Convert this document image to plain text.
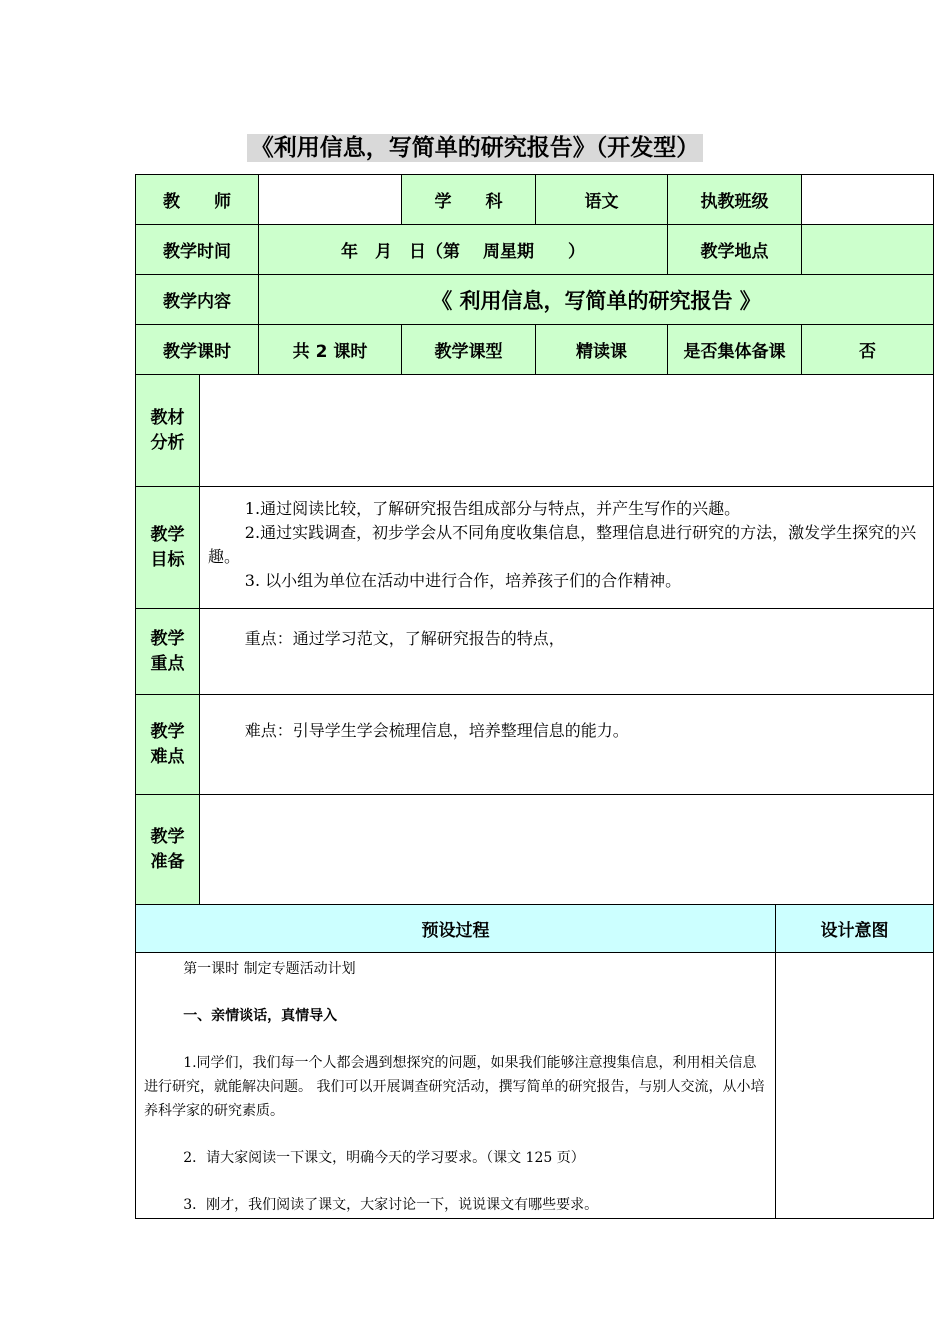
《利用信息，写简单的研究报告》（开发型）
教　　师		学　　科	语文	执教班级	
教学时间	年　月　日（第　 周星期　　）			教学地点	
教学内容	《 利用信息，写简单的研究报告 》				
教学课时	共 2 课时	教学课型	精读课	是否集体备课	否
教材分析	
教学目标	1.通过阅读比较，了解研究报告组成部分与特点，并产生写作的兴趣。

2.通过实践调查，初步学会从不同角度收集信息，整理信息进行研究的方法，激发学生探究的兴趣。

3. 以小组为单位在活动中进行合作，培养孩子们的合作精神。

教学重点	重点：通过学习范文，了解研究报告的特点，

教学难点	难点：引导学生学会梳理信息，培养整理信息的能力。

教学准备	
预设过程	设计意图

第一课时 制定专题活动计划

一、亲情谈话，真情导入

1.同学们，我们每一个人都会遇到想探究的问题，如果我们能够注意搜集信息，利用相关信息进行研究，就能解决问题。 我们可以开展调查研究活动，撰写简单的研究报告，与别人交流，从小培养科学家的研究素质。

2．请大家阅读一下课文，明确今天的学习要求。（课文 125 页）

3．刚才，我们阅读了课文，大家讨论一下，说说课文有哪些要求。	
